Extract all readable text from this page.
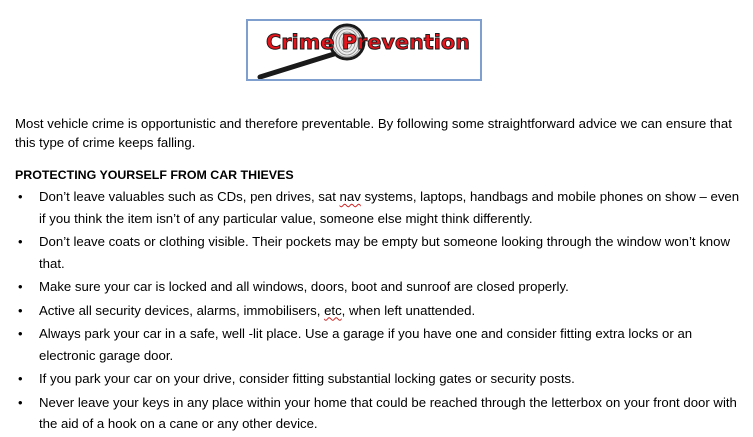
Crime Prevention

Most vehicle crime is opportunistic and therefore preventable. By following some straightforward advice we can ensure that this type of crime keeps falling.

PROTECTING YOURSELF FROM CAR THIEVES

• Don’t leave valuables such as CDs, pen drives, sat nav systems, laptops, handbags and mobile phones on show – even if you think the item isn’t of any particular value, someone else might think differently.
• Don’t leave coats or clothing visible. Their pockets may be empty but someone looking through the window won’t know that.
• Make sure your car is locked and all windows, doors, boot and sunroof are closed properly.
• Active all security devices, alarms, immobilisers, etc, when left unattended.
• Always park your car in a safe, well -lit place. Use a garage if you have one and consider fitting extra locks or an electronic garage door.
• If you park your car on your drive, consider fitting substantial locking gates or security posts.
• Never leave your keys in any place within your home that could be reached through the letterbox on your front door with the aid of a hook on a cane or any other device.
